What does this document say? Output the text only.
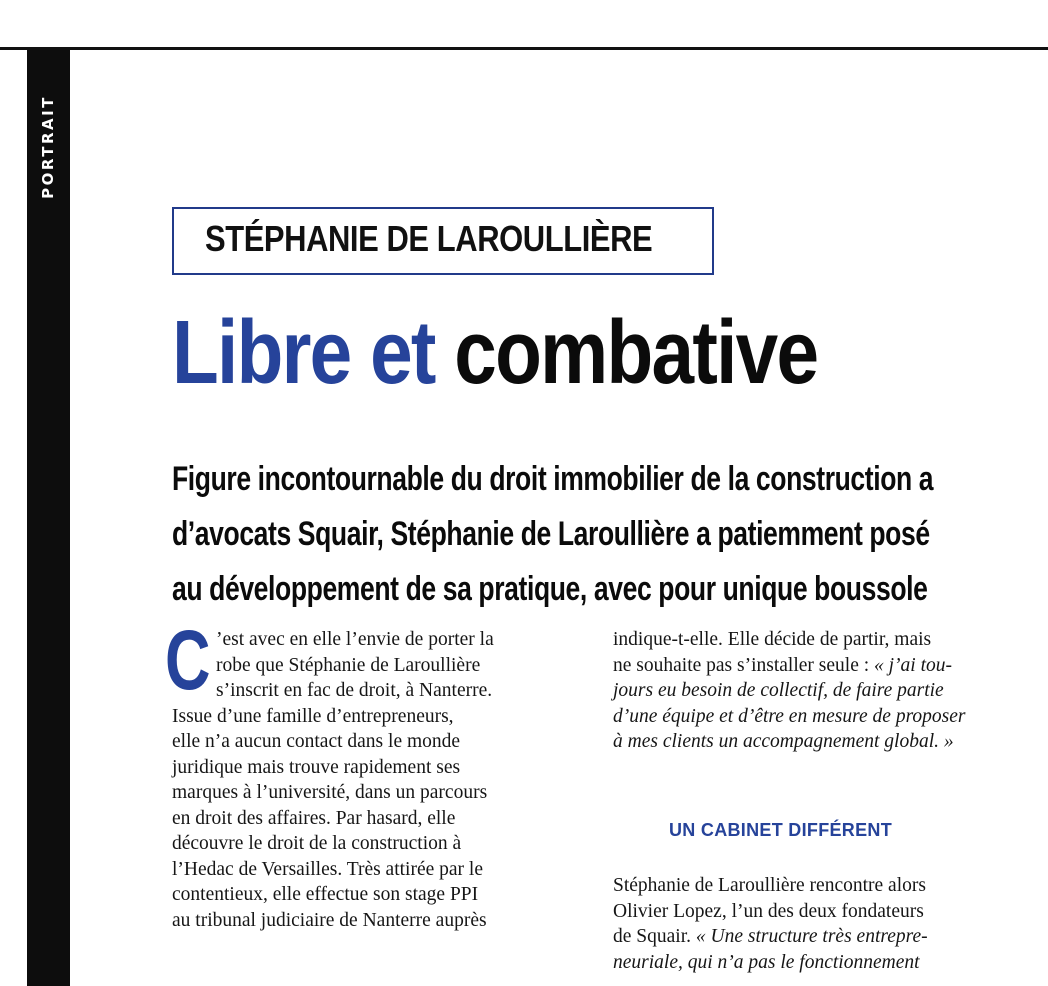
PORTRAIT
STÉPHANIE DE LAROULLIÈRE
Libre et combative
Figure incontournable du droit immobilier de la construction a
d’avocats Squair, Stéphanie de Laroullière a patiemment posé
au développement de sa pratique, avec pour unique boussole
C ’est avec en elle l’envie de porter la
robe que Stéphanie de Laroullière
s’inscrit en fac de droit, à Nanterre.
Issue d’une famille d’entrepreneurs,
elle n’a aucun contact dans le monde
juridique mais trouve rapidement ses
marques à l’université, dans un parcours
en droit des affaires. Par hasard, elle
découvre le droit de la construction à
l’Hedac de Versailles. Très attirée par le
contentieux, elle effectue son stage PPI
au tribunal judiciaire de Nanterre auprès
indique-t-elle. Elle décide de partir, mais
ne souhaite pas s’installer seule : « j’ai tou-
jours eu besoin de collectif, de faire partie
d’une équipe et d’être en mesure de proposer
à mes clients un accompagnement global. »
UN CABINET DIFFÉRENT
Stéphanie de Laroullière rencontre alors
Olivier Lopez, l’un des deux fondateurs
de Squair. « Une structure très entrepre-
neuriale, qui n’a pas le fonctionnement
